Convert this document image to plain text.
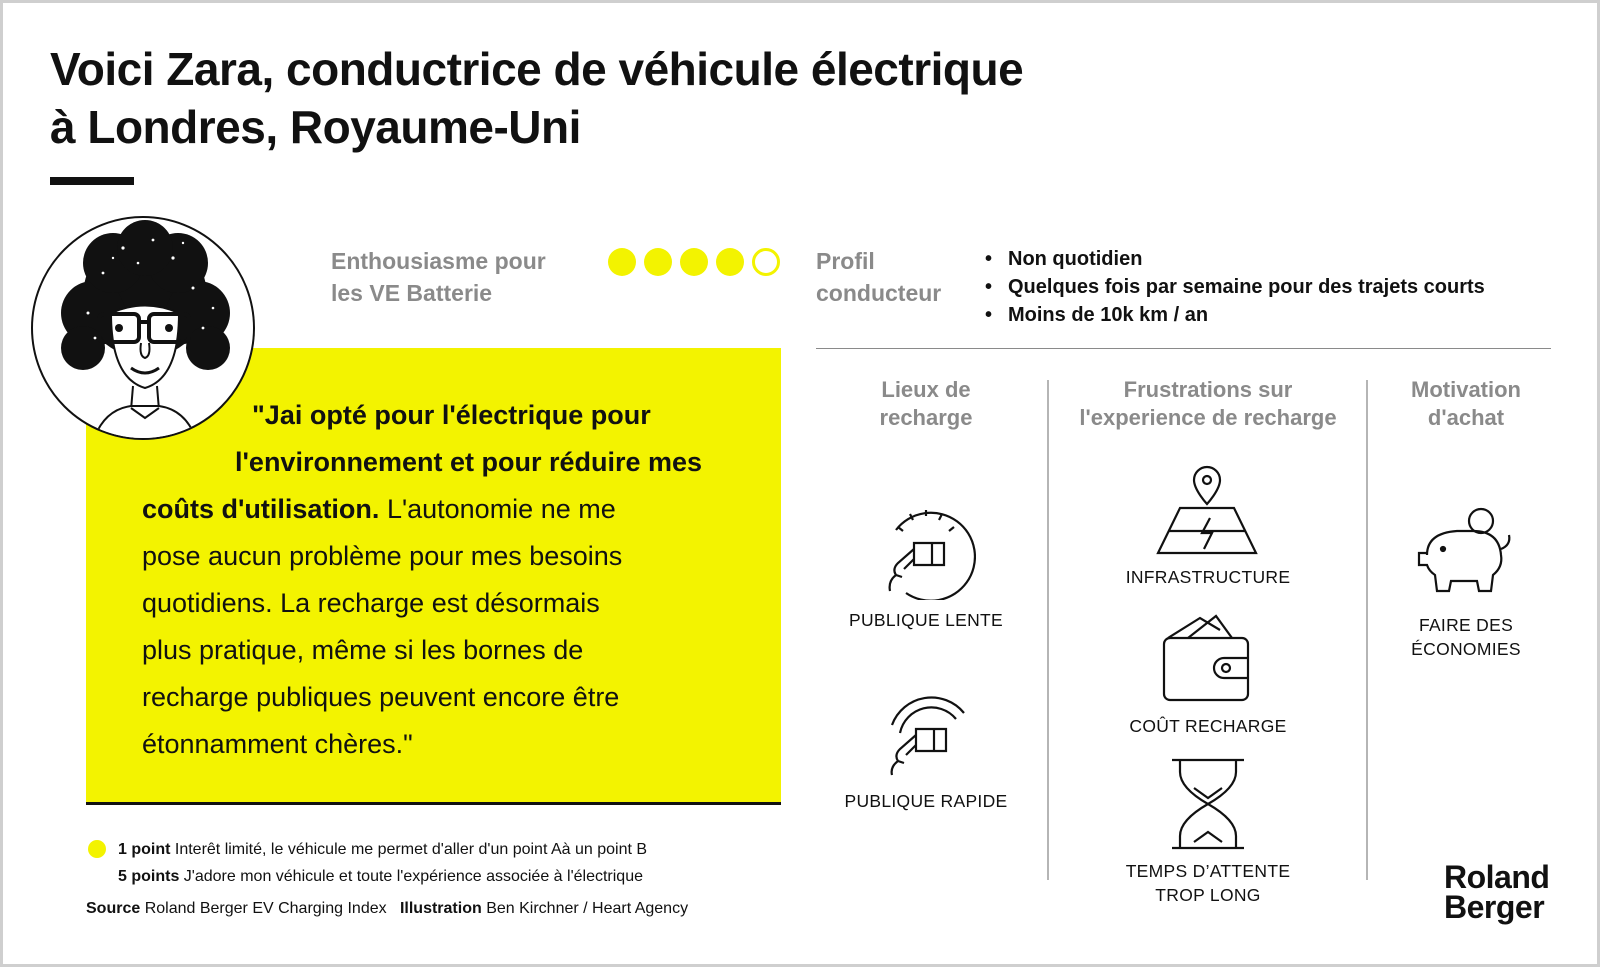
Voici Zara, conductrice de véhicule électrique
à Londres, Royaume-Uni
"Jai opté pour l'électrique pour
l'environnement et pour réduire mes
coûts d'utilisation. L'autonomie ne me
pose aucun problème pour mes besoins
quotidiens. La recharge est désormais
plus pratique, même si les bornes de
recharge publiques peuvent encore être
étonnamment chères."
Enthousiasme pour
les VE Batterie
Profil
conducteur
• Non quotidien
• Quelques fois par semaine pour des trajets courts
• Moins de 10k km / an
Lieux de
recharge
Frustrations sur
l'experience de recharge
Motivation
d'achat
PUBLIQUE LENTE
PUBLIQUE RAPIDE
INFRASTRUCTURE
COÛT RECHARGE
TEMPS D’ATTENTE
TROP LONG
FAIRE DES
ÉCONOMIES
1 point Interêt limité, le véhicule me permet d'aller d'un point Aà un point B
5 points J'adore mon véhicule et toute l'expérience associée à l'électrique
Source Roland Berger EV Charging Index Illustration Ben Kirchner / Heart Agency
Roland
Berger
